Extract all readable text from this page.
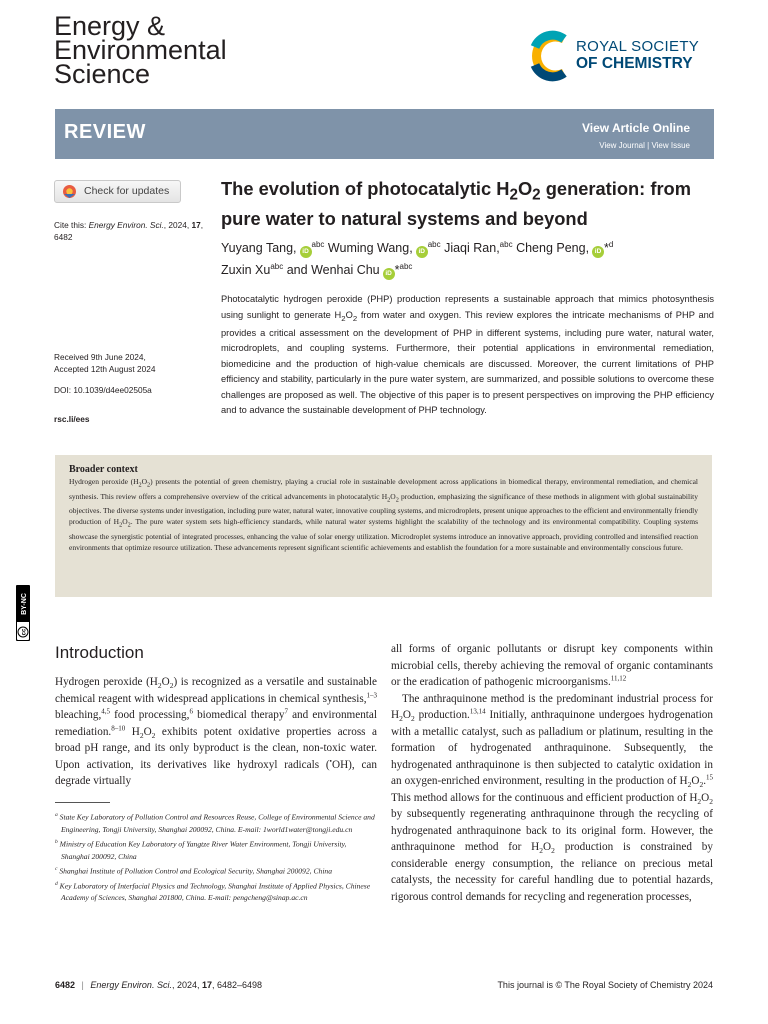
Energy &
Environmental
Science
ROYAL SOCIETY
OF CHEMISTRY
REVIEW	View Article Online
View Journal | View Issue
Check for updates
Cite this: Energy Environ. Sci., 2024, 17, 6482
Received 9th June 2024,
Accepted 12th August 2024
DOI: 10.1039/d4ee02505a
rsc.li/ees
The evolution of photocatalytic $H_2O_2$ generation: from pure water to natural systems and beyond
Yuyang Tang, $iD^{abc}$ Wuming Wang, $iD^{abc}$ Jiaqi Ran,$^{abc}$ Cheng Peng, iD *$^d$
Zuxin $Xu^{abc}$ and Wenhai Chu iD *$^{abc}$
Photocatalytic hydrogen peroxide (PHP) production represents a sustainable approach that mimics photosynthesis using sunlight to generate $H_2O_2$ from water and oxygen. This review explores the intricate mechanisms of PHP and provides a critical assessment on the development of PHP in different systems, including pure water, natural water, microdroplets, and coupling systems. Furthermore, their potential applications in environmental remediation, biomedicine and the production of high-value chemicals are discussed. Moreover, the current limitations of PHP efficiency and stability, particularly in the pure water system, are summarized, and possible solutions to overcome these challenges are proposed as well. The objective of this paper is to present perspectives on improving the PHP efficiency and to advance the sustainable development of PHP technology.
Broader context

Hydrogen peroxide $(H_2O_2)$ presents the potential of green chemistry, playing a crucial role in sustainable development across applications in biomedical therapy, environmental remediation, and chemical synthesis. This review offers a comprehensive overview of the critical advancements in photocatalytic $H_2O_2$ production, emphasizing the significance of these methods in alignment with global sustainability objectives. The diverse systems under investigation, including pure water, natural water, innovative coupling systems, and microdroplets, present unique approaches to the efficient and environmentally friendly production of $H_2O_2$. The pure water system sets high-efficiency standards, while natural water systems highlight the scalability of the technology and its environmental compatibility. Coupling systems showcase the synergistic potential of integrated processes, enhancing the value of solar energy utilization. Microdroplet systems introduce an innovative approach, providing controlled and intensified reaction environments that optimize resource utilization. These advancements represent significant scientific achievements and establish the foundation for a more sustainable and environmentally conscious future.

cc
BY-NC
Introduction

Hydrogen peroxide $(H_2O_2)$ is recognized as a versatile and sustainable chemical reagent with widespread applications in chemical synthesis,$^{1-3}$ bleaching,$^{4,5}$ food processing,$^6$ biomedical therapy$^7$ and environmental remediation.$^{8-10}$ $H_2O_2$ exhibits potent oxidative properties across a broad pH range, and its only byproduct is the clean, non-toxic water. Upon activation, its derivatives like hydroxyl radicals (•OH), can degrade virtually

all forms of organic pollutants or disrupt key components within microbial cells, thereby achieving the removal of organic contaminants or the eradication of pathogenic microorganisms.$^{11,12}$

The anthraquinone method is the predominant industrial process for $H_2O_2$ production.$^{13,14}$ Initially, anthraquinone undergoes hydrogenation with a metallic catalyst, such as palladium or platinum, resulting in the formation of hydrogenated anthraquinone. Subsequently, the hydrogenated anthraquinone is then subjected to catalytic oxidation in an oxygen-enriched environment, resulting in the production of $H_2O_2.^{15}$ This method allows for the continuous and efficient production of $H_2O_2$ by subsequently regenerating anthraquinone through the recycling of hydrogenated anthraquinone back to its original form. However, the anthraquinone method for $H_2O_2$ production is constrained by considerable energy consumption, the reliance on precious metal catalysts, the necessity for careful handling due to potential hazards, rigorous control demands for recycling and regeneration processes,

$^a$ State Key Laboratory of Pollution Control and Resources Reuse, College of Environmental Science and Engineering, Tongji University, Shanghai 200092, China. E-mail: 1world1water@tongji.edu.cn
$^b$ Ministry of Education Key Laboratory of Yangtze River Water Environment, Tongji University, Shanghai 200092, China
$^c$ Shanghai Institute of Pollution Control and Ecological Security, Shanghai 200092, China
$^d$ Key Laboratory of Interfacial Physics and Technology, Shanghai Institute of Applied Physics, Chinese Academy of Sciences, Shanghai 201800, China. E-mail: pengcheng@sinap.ac.cn
6482 | Energy Environ. Sci., 2024, 17, 6482–6498	This journal is © The Royal Society of Chemistry 2024
